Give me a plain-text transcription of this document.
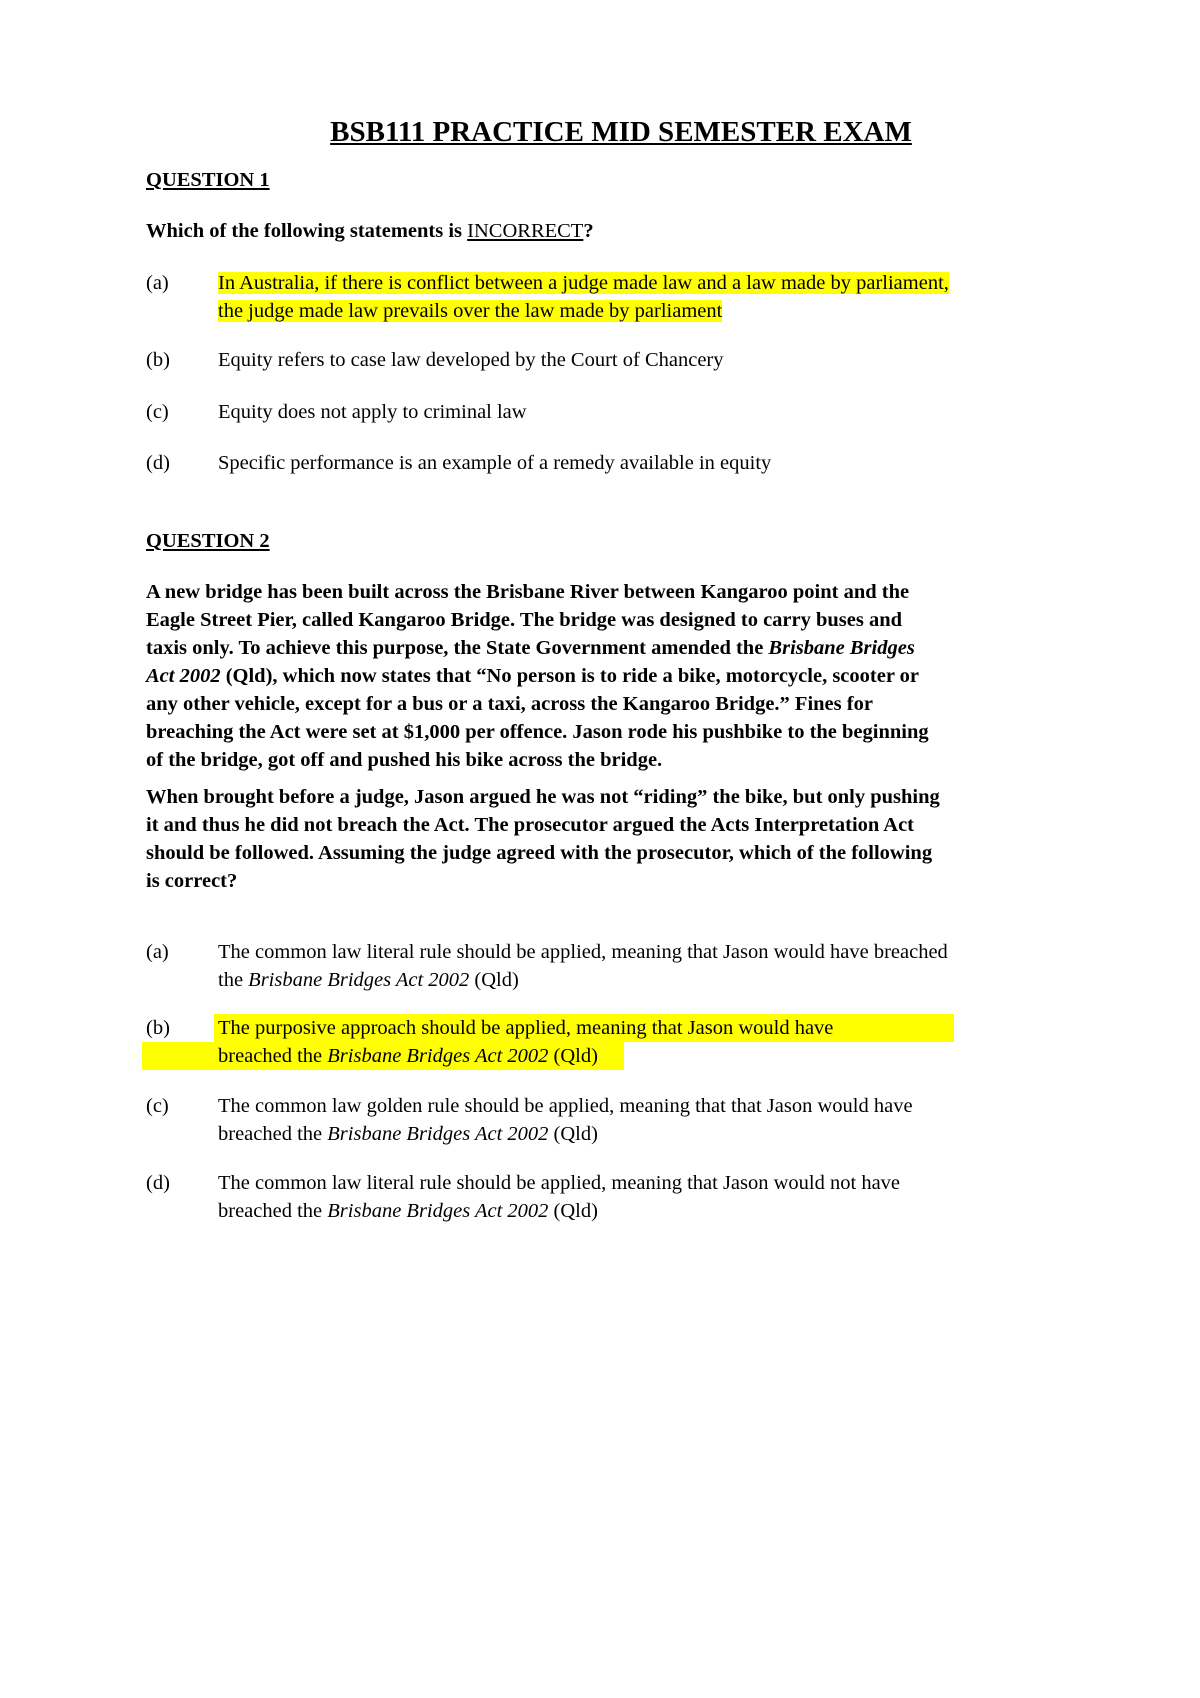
BSB111 PRACTICE MID SEMESTER EXAM
QUESTION 1
Which of the following statements is INCORRECT?
(a)	In Australia, if there is conflict between a judge made law and a law made by parliament,
the judge made law prevails over the law made by parliament
(b)	Equity refers to case law developed by the Court of Chancery
(c)	Equity does not apply to criminal law
(d)	Specific performance is an example of a remedy available in equity
QUESTION 2
A new bridge has been built across the Brisbane River between Kangaroo point and the
Eagle Street Pier, called Kangaroo Bridge. The bridge was designed to carry buses and
taxis only. To achieve this purpose, the State Government amended the Brisbane Bridges
Act 2002 (Qld), which now states that “No person is to ride a bike, motorcycle, scooter or
any other vehicle, except for a bus or a taxi, across the Kangaroo Bridge.” Fines for
breaching the Act were set at $1,000 per offence. Jason rode his pushbike to the beginning
of the bridge, got off and pushed his bike across the bridge.
When brought before a judge, Jason argued he was not “riding” the bike, but only pushing
it and thus he did not breach the Act. The prosecutor argued the Acts Interpretation Act
should be followed. Assuming the judge agreed with the prosecutor, which of the following
is correct?
(a)	The common law literal rule should be applied, meaning that Jason would have breached
the Brisbane Bridges Act 2002 (Qld)
(b)	The purposive approach should be applied, meaning that Jason would have
breached the Brisbane Bridges Act 2002 (Qld)
(c)	The common law golden rule should be applied, meaning that that Jason would have
breached the Brisbane Bridges Act 2002 (Qld)
(d)	The common law literal rule should be applied, meaning that Jason would not have
breached the Brisbane Bridges Act 2002 (Qld)
